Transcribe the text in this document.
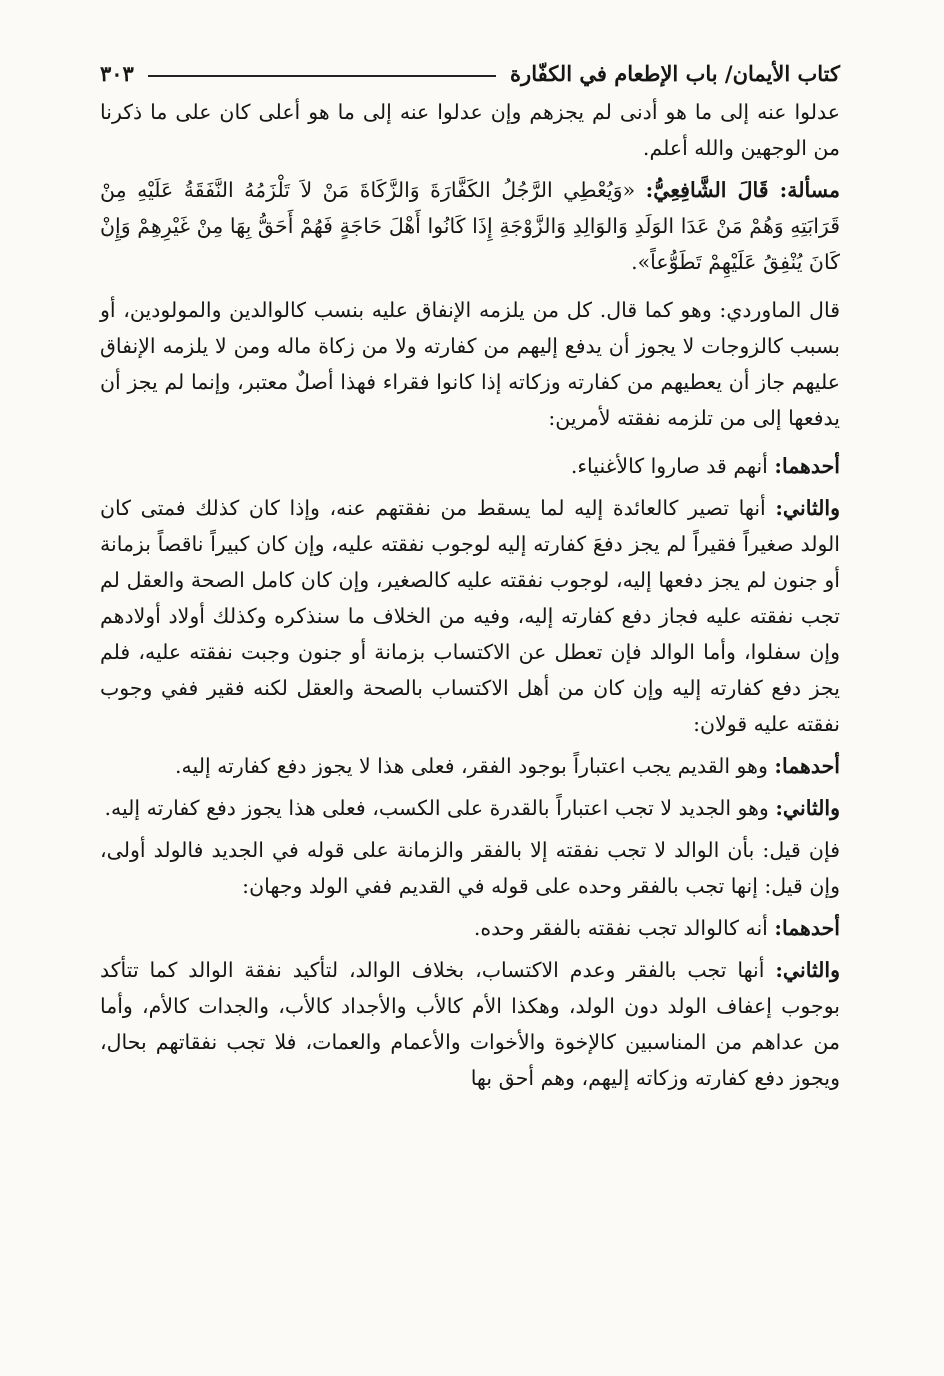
كتاب الأيمان/ باب الإطعام في الكفّارة
٣٠٣

عدلوا عنه إلى ما هو أدنى لم يجزهم وإن عدلوا عنه إلى ما هو أعلى كان على ما ذكرنا من الوجهين والله أعلم.

مسألة: قَالَ الشَّافِعِيُّ: «وَيُعْطِي الرَّجُلُ الكَفَّارَةَ وَالزَّكَاةَ مَنْ لاَ تَلْزَمُهُ النَّفَقَةُ عَلَيْهِ مِنْ قَرَابَتِهِ وَهُمْ مَنْ عَدَا الوَلَدِ وَالوَالِدِ وَالزَّوْجَةِ إِذَا كَانُوا أَهْلَ حَاجَةٍ فَهُمْ أَحَقُّ بِهَا مِنْ غَيْرِهِمْ وَإِنْ كَانَ يُنْفِقُ عَلَيْهِمْ تَطَوُّعاً».

قال الماوردي: وهو كما قال. كل من يلزمه الإنفاق عليه بنسب كالوالدين والمولودين، أو بسبب كالزوجات لا يجوز أن يدفع إليهم من كفارته ولا من زكاة ماله ومن لا يلزمه الإنفاق عليهم جاز أن يعطيهم من كفارته وزكاته إذا كانوا فقراء فهذا أصلٌ معتبر، وإنما لم يجز أن يدفعها إلى من تلزمه نفقته لأمرين:

أحدهما: أنهم قد صاروا كالأغنياء.

والثاني: أنها تصير كالعائدة إليه لما يسقط من نفقتهم عنه، وإذا كان كذلك فمتى كان الولد صغيراً فقيراً لم يجز دفعَ كفارته إليه لوجوب نفقته عليه، وإن كان كبيراً ناقصاً بزمانة أو جنون لم يجز دفعها إليه، لوجوب نفقته عليه كالصغير، وإن كان كامل الصحة والعقل لم تجب نفقته عليه فجاز دفع كفارته إليه، وفيه من الخلاف ما سنذكره وكذلك أولاد أولادهم وإن سفلوا، وأما الوالد فإن تعطل عن الاكتساب بزمانة أو جنون وجبت نفقته عليه، فلم يجز دفع كفارته إليه وإن كان من أهل الاكتساب بالصحة والعقل لكنه فقير ففي وجوب نفقته عليه قولان:

أحدهما: وهو القديم يجب اعتباراً بوجود الفقر، فعلى هذا لا يجوز دفع كفارته إليه.

والثاني: وهو الجديد لا تجب اعتباراً بالقدرة على الكسب، فعلى هذا يجوز دفع كفارته إليه.

فإن قيل: بأن الوالد لا تجب نفقته إلا بالفقر والزمانة على قوله في الجديد فالولد أولى، وإن قيل: إنها تجب بالفقر وحده على قوله في القديم ففي الولد وجهان:

أحدهما: أنه كالوالد تجب نفقته بالفقر وحده.

والثاني: أنها تجب بالفقر وعدم الاكتساب، بخلاف الوالد، لتأكيد نفقة الوالد كما تتأكد بوجوب إعفاف الولد دون الولد، وهكذا الأم كالأب والأجداد كالأب، والجدات كالأم، وأما من عداهم من المناسبين كالإخوة والأخوات والأعمام والعمات، فلا تجب نفقاتهم بحال، ويجوز دفع كفارته وزكاته إليهم، وهم أحق بها
